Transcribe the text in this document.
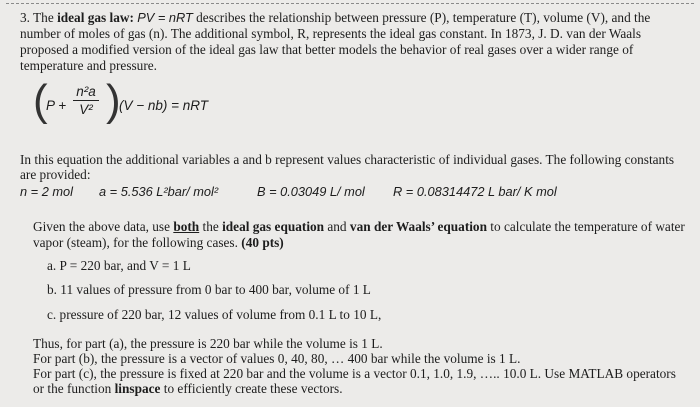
3. The ideal gas law: PV = nRT describes the relationship between pressure (P), temperature (T), volume (V), and the

number of moles of gas (n). The additional symbol, R, represents the ideal gas constant. In 1873, J. D. van der Waals

proposed a modified version of the ideal gas law that better models the behavior of real gases over a wider range of

temperature and pressure.

(
P +
n²a
V² )
(V − nb) = nRT

In this equation the additional variables a and b represent values characteristic of individual gases. The following constants

are provided:

n = 2 mol a = 5.536 L²bar/ mol²	B = 0.03049 L/ mol R = 0.08314472 L bar/ K mol

Given the above data, use both the ideal gas equation and van der Waals’ equation to calculate the temperature of water

vapor (steam), for the following cases. (40 pts)

a. P = 220 bar, and V = 1 L

b. 11 values of pressure from 0 bar to 400 bar, volume of 1 L

c. pressure of 220 bar, 12 values of volume from 0.1 L to 10 L,

Thus, for part (a), the pressure is 220 bar while the volume is 1 L.

For part (b), the pressure is a vector of values 0, 40, 80, … 400 bar while the volume is 1 L.

For part (c), the pressure is fixed at 220 bar and the volume is a vector 0.1, 1.0, 1.9, ….. 10.0 L. Use MATLAB operators

or the function linspace to efficiently create these vectors.
